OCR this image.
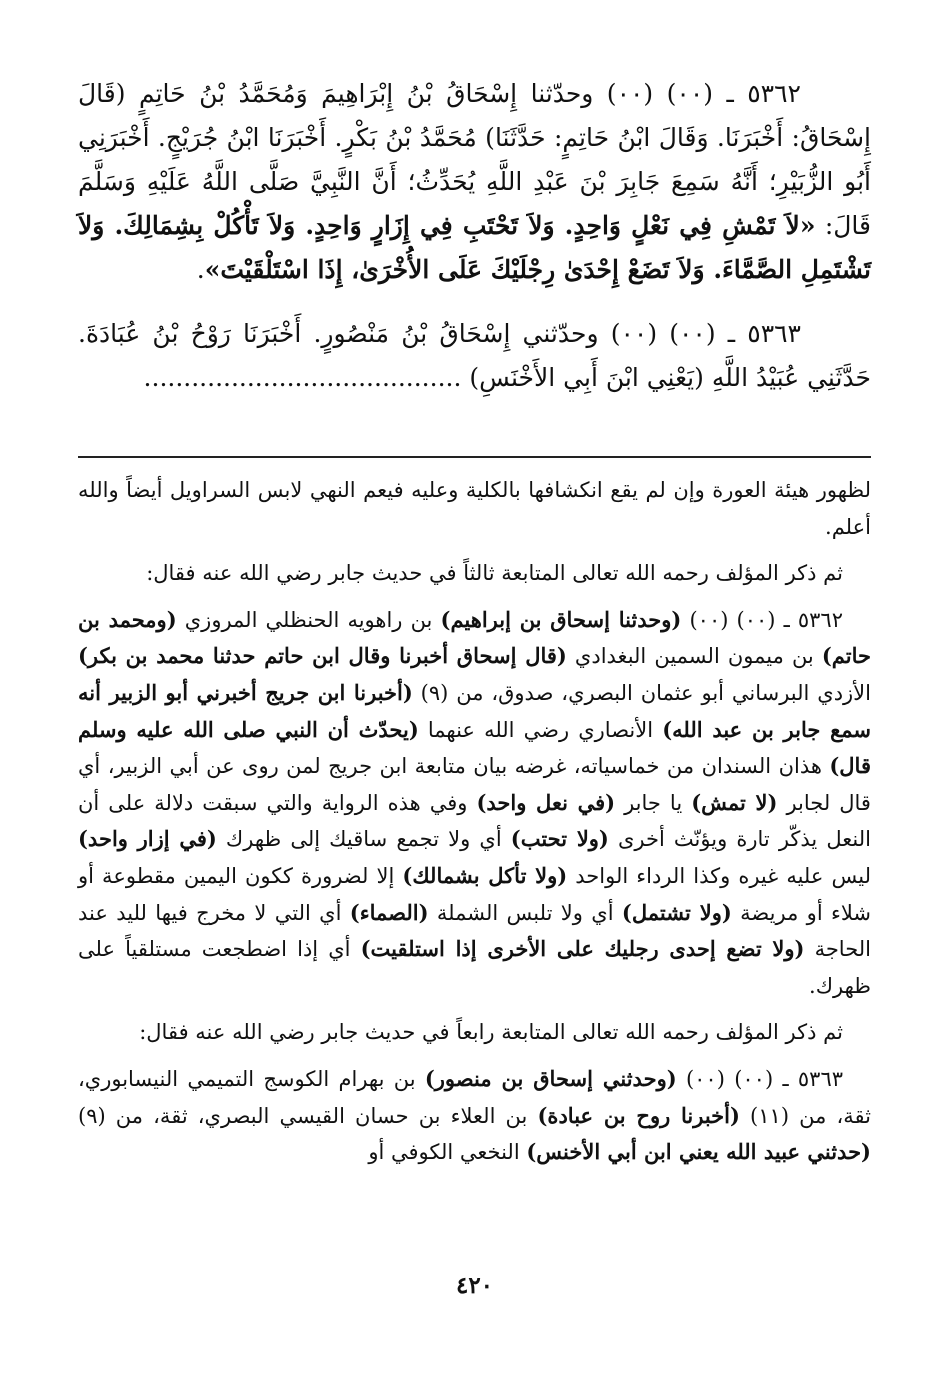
٥٣٦٢ ـ (٠٠) (٠٠) وحدّثنا إِسْحَاقُ بْنُ إِبْرَاهِيمَ وَمُحَمَّدُ بْنُ حَاتِمٍ (قَالَ إِسْحَاقُ: أَخْبَرَنَا. وَقَالَ ابْنُ حَاتِمٍ: حَدَّثَنَا) مُحَمَّدُ بْنُ بَكْرٍ. أَخْبَرَنَا ابْنُ جُرَيْجٍ. أَخْبَرَنِي أَبُو الزُّبَيْرِ؛ أَنَّهُ سَمِعَ جَابِرَ بْنَ عَبْدِ اللَّهِ يُحَدِّثُ؛ أَنَّ النَّبِيَّ صَلَّى اللَّهُ عَلَيْهِ وَسَلَّمَ قَالَ: «لاَ تَمْشِ فِي نَعْلٍ وَاحِدٍ. وَلاَ تَحْتَبِ فِي إِزَارٍ وَاحِدٍ. وَلاَ تَأْكُلْ بِشِمَالِكَ. وَلاَ تَشْتَمِلِ الصَّمَّاءَ. وَلاَ تَضَعْ إِحْدَىٰ رِجْلَيْكَ عَلَى الأُخْرَىٰ، إِذَا اسْتَلْقَيْتَ».

٥٣٦٣ ـ (٠٠) (٠٠) وحدّثني إِسْحَاقُ بْنُ مَنْصُورٍ. أَخْبَرَنَا رَوْحُ بْنُ عُبَادَةَ. حَدَّثَنِي عُبَيْدُ اللَّهِ (يَعْنِي ابْنَ أَبِي الأَخْنَسِ) ........................................

لظهور هيئة العورة وإن لم يقع انكشافها بالكلية وعليه فيعم النهي لابس السراويل أيضاً والله أعلم.

ثم ذكر المؤلف رحمه الله تعالى المتابعة ثالثاً في حديث جابر رضي الله عنه فقال:

٥٣٦٢ ـ (٠٠) (٠٠) (وحدثنا إسحاق بن إبراهيم) بن راهويه الحنظلي المروزي (ومحمد بن حاتم) بن ميمون السمين البغدادي (قال إسحاق أخبرنا وقال ابن حاتم حدثنا محمد بن بكر) الأزدي البرساني أبو عثمان البصري، صدوق، من (٩) (أخبرنا ابن جريج أخبرني أبو الزبير أنه سمع جابر بن عبد الله) الأنصاري رضي الله عنهما (يحدّث أن النبي صلى الله عليه وسلم قال) هذان السندان من خماسياته، غرضه بيان متابعة ابن جريج لمن روى عن أبي الزبير، أي قال لجابر (لا تمش) يا جابر (في نعل واحد) وفي هذه الرواية والتي سبقت دلالة على أن النعل يذكّر تارة ويؤنّث أخرى (ولا تحتب) أي ولا تجمع ساقيك إلى ظهرك (في إزار واحد) ليس عليه غيره وكذا الرداء الواحد (ولا تأكل بشمالك) إلا لضرورة ككون اليمين مقطوعة أو شلاء أو مريضة (ولا تشتمل) أي ولا تلبس الشملة (الصماء) أي التي لا مخرج فيها لليد عند الحاجة (ولا تضع إحدى رجليك على الأخرى إذا استلقيت) أي إذا اضطجعت مستلقياً على ظهرك.

ثم ذكر المؤلف رحمه الله تعالى المتابعة رابعاً في حديث جابر رضي الله عنه فقال:

٥٣٦٣ ـ (٠٠) (٠٠) (وحدثني إسحاق بن منصور) بن بهرام الكوسج التميمي النيسابوري، ثقة، من (١١) (أخبرنا روح بن عبادة) بن العلاء بن حسان القيسي البصري، ثقة، من (٩) (حدثني عبيد الله يعني ابن أبي الأخنس) النخعي الكوفي أو

٤٢٠
